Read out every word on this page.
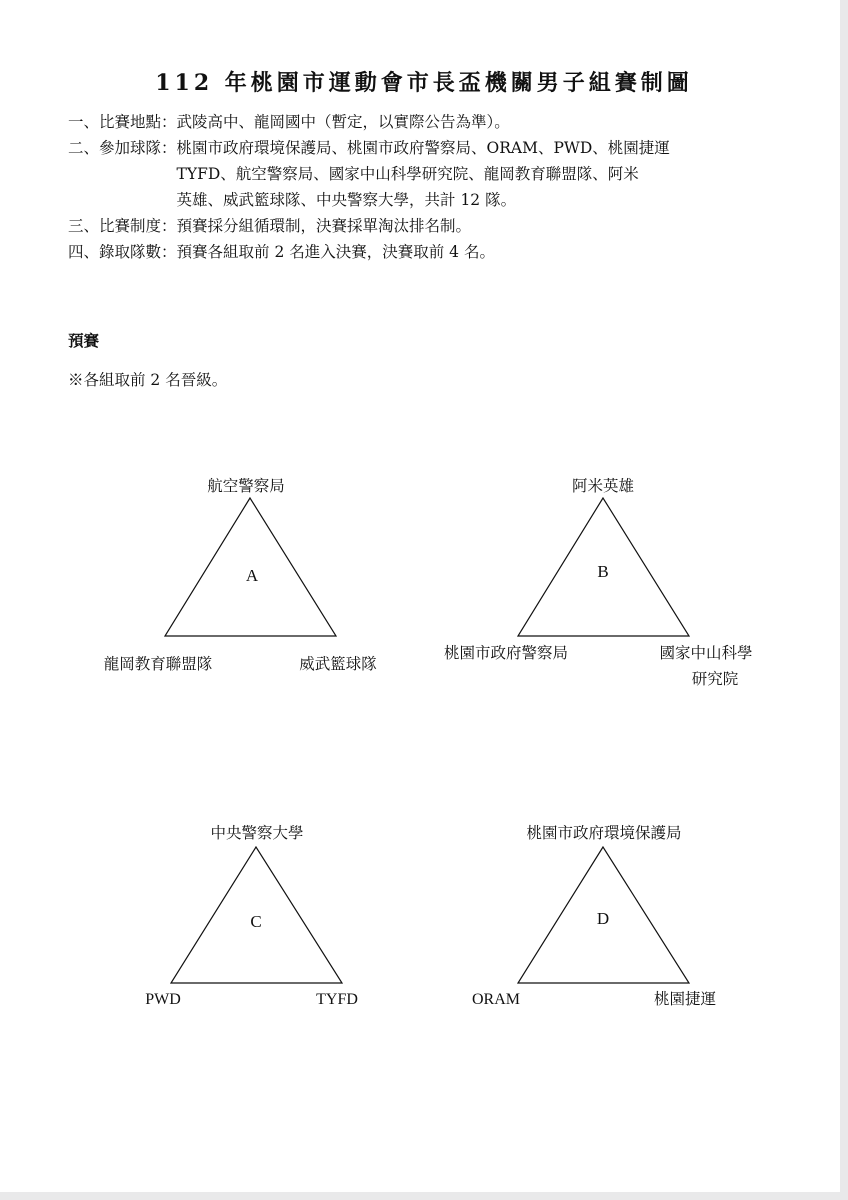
112 年桃園市運動會市長盃機關男子組賽制圖
一、比賽地點： 武陵高中、龍岡國中（暫定，以實際公告為準）。
二、參加球隊： 桃園市政府環境保護局、桃園市政府警察局、ORAM、PWD、桃園捷運
TYFD、航空警察局、國家中山科學研究院、龍岡教育聯盟隊、阿米
英雄、威武籃球隊、中央警察大學，共計 12 隊。
三、比賽制度： 預賽採分組循環制，決賽採單淘汰排名制。
四、錄取隊數： 預賽各組取前 2 名進入決賽，決賽取前 4 名。
預賽
※各組取前 2 名晉級。
航空警察局
A
龍岡教育聯盟隊	威武籃球隊
阿米英雄
B
桃園市政府警察局	國家中山科學
研究院
中央警察大學
C
PWD	TYFD
桃園市政府環境保護局
D
ORAM	桃園捷運
